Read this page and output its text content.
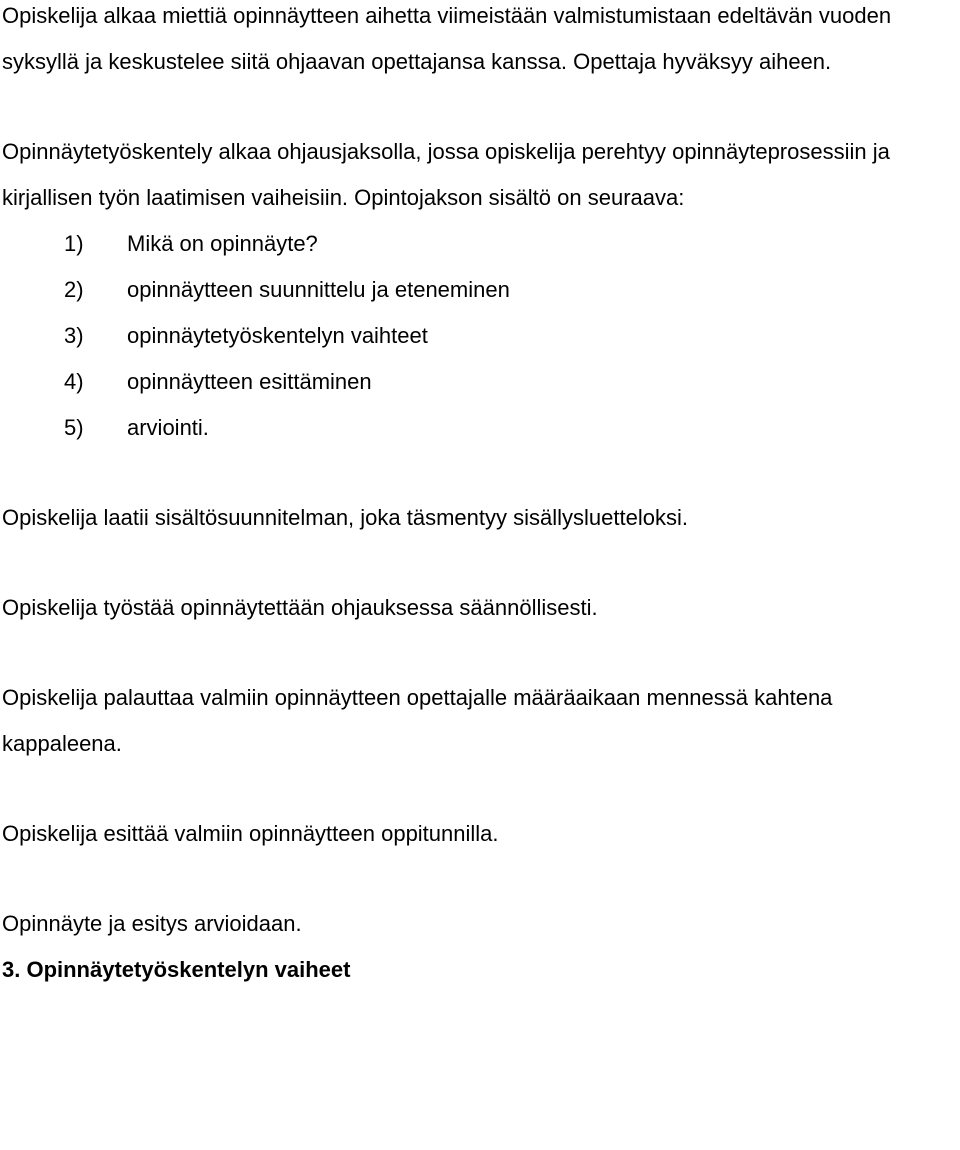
Opiskelija alkaa miettiä opinnäytteen aihetta viimeistään valmistumistaan edeltävän vuoden syksyllä ja keskustelee siitä ohjaavan opettajansa kanssa. Opettaja hyväksyy aiheen.

Opinnäytetyöskentely alkaa ohjausjaksolla, jossa opiskelija perehtyy opinnäyteprosessiin ja kirjallisen työn laatimisen vaiheisiin. Opintojakson sisältö on seuraava:

1) Mikä on opinnäyte?
2) opinnäytteen suunnittelu ja eteneminen
3) opinnäytetyöskentelyn vaihteet
4) opinnäytteen esittäminen
5) arviointi.

Opiskelija laatii sisältösuunnitelman, joka täsmentyy sisällysluetteloksi.

Opiskelija työstää opinnäytettään ohjauksessa säännöllisesti.

Opiskelija palauttaa valmiin opinnäytteen opettajalle määräaikaan mennessä kahtena kappaleena.

Opiskelija esittää valmiin opinnäytteen oppitunnilla.

Opinnäyte ja esitys arvioidaan.

3. Opinnäytetyöskentelyn vaiheet
